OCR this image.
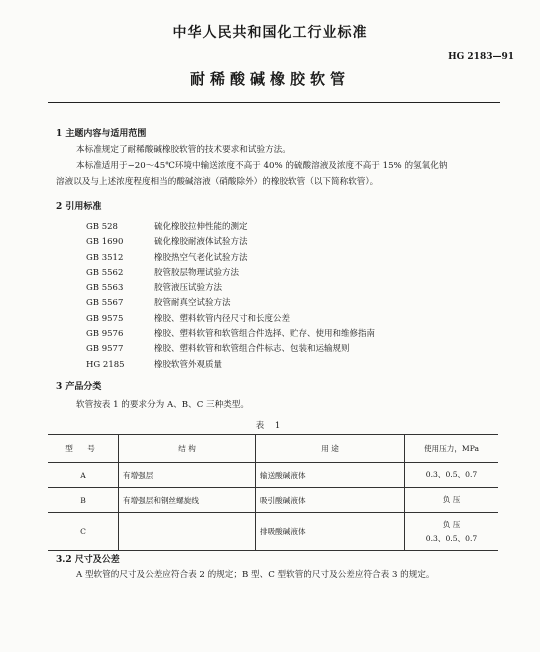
中华人民共和国化工行业标准
HG 2183—91
耐稀酸碱橡胶软管
1 主题内容与适用范围

本标准规定了耐稀酸碱橡胶软管的技术要求和试验方法。

本标准适用于−20～45℃环境中输送浓度不高于 40% 的硫酸溶液及浓度不高于 15% 的氢氧化钠

溶液以及与上述浓度程度相当的酸碱溶液（硝酸除外）的橡胶软管（以下简称软管）。

2 引用标准
GB 528	硫化橡胶拉伸性能的测定
GB 1690	硫化橡胶耐液体试验方法
GB 3512	橡胶热空气老化试验方法
GB 5562	胶管胶层物理试验方法
GB 5563	胶管液压试验方法
GB 5567	胶管耐真空试验方法
GB 9575	橡胶、塑料软管内径尺寸和长度公差
GB 9576	橡胶、塑料软管和软管组合件选择、贮存、使用和维修指南
GB 9577	橡胶、塑料软管和软管组合件标志、包装和运输规则
HG 2185	橡胶软管外观质量
3 产品分类

软管按表 1 的要求分为 A、B、C 三种类型。

表 1
型 号	结 构	用 途	使用压力，MPa
A	有增强层	输送酸碱液体	0.3、0.5、0.7
B	有增强层和钢丝螺旋线	吸引酸碱液体	负 压
C		排吸酸碱液体	负 压
0.3、0.5、0.7
3.2 尺寸及公差

A 型软管的尺寸及公差应符合表 2 的规定；B 型、C 型软管的尺寸及公差应符合表 3 的规定。
